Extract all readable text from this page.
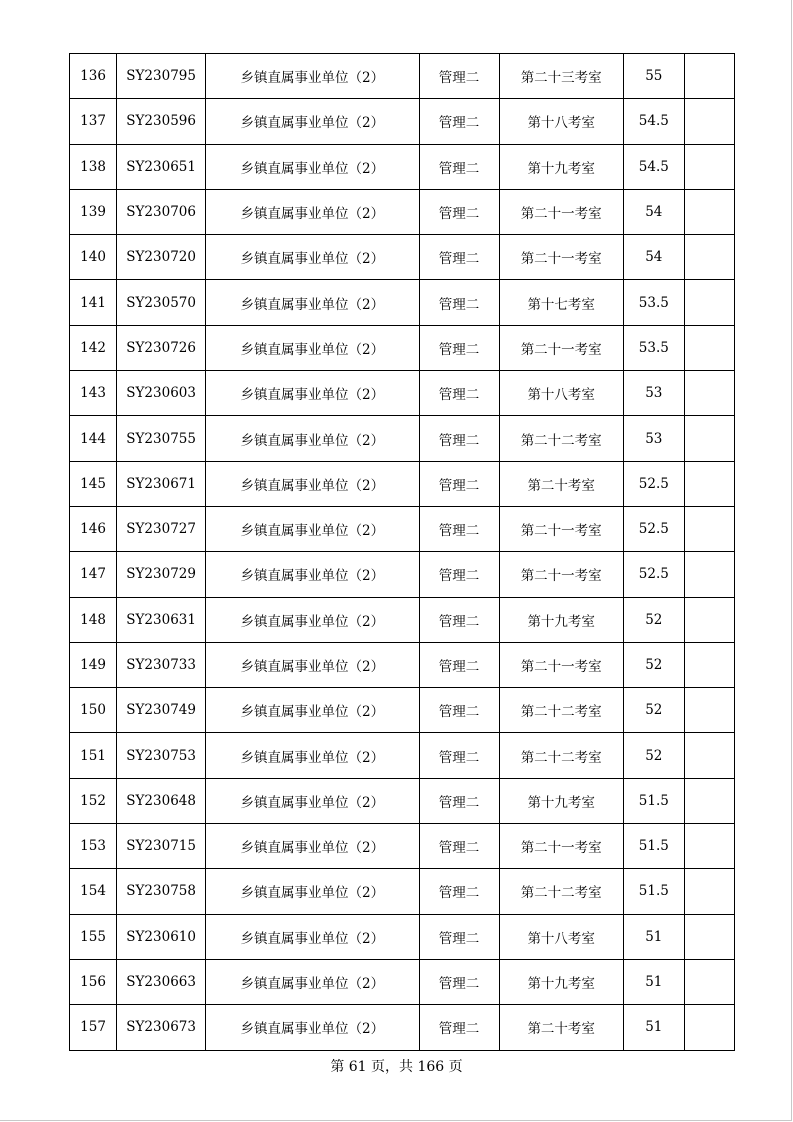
136	SY230795	乡镇直属事业单位（2）	管理二	第二十三考室	55	
137	SY230596	乡镇直属事业单位（2）	管理二	第十八考室	54.5	
138	SY230651	乡镇直属事业单位（2）	管理二	第十九考室	54.5	
139	SY230706	乡镇直属事业单位（2）	管理二	第二十一考室	54	
140	SY230720	乡镇直属事业单位（2）	管理二	第二十一考室	54	
141	SY230570	乡镇直属事业单位（2）	管理二	第十七考室	53.5	
142	SY230726	乡镇直属事业单位（2）	管理二	第二十一考室	53.5	
143	SY230603	乡镇直属事业单位（2）	管理二	第十八考室	53	
144	SY230755	乡镇直属事业单位（2）	管理二	第二十二考室	53	
145	SY230671	乡镇直属事业单位（2）	管理二	第二十考室	52.5	
146	SY230727	乡镇直属事业单位（2）	管理二	第二十一考室	52.5	
147	SY230729	乡镇直属事业单位（2）	管理二	第二十一考室	52.5	
148	SY230631	乡镇直属事业单位（2）	管理二	第十九考室	52	
149	SY230733	乡镇直属事业单位（2）	管理二	第二十一考室	52	
150	SY230749	乡镇直属事业单位（2）	管理二	第二十二考室	52	
151	SY230753	乡镇直属事业单位（2）	管理二	第二十二考室	52	
152	SY230648	乡镇直属事业单位（2）	管理二	第十九考室	51.5	
153	SY230715	乡镇直属事业单位（2）	管理二	第二十一考室	51.5	
154	SY230758	乡镇直属事业单位（2）	管理二	第二十二考室	51.5	
155	SY230610	乡镇直属事业单位（2）	管理二	第十八考室	51	
156	SY230663	乡镇直属事业单位（2）	管理二	第十九考室	51	
157	SY230673	乡镇直属事业单位（2）	管理二	第二十考室	51	
第 61 页，共 166 页
